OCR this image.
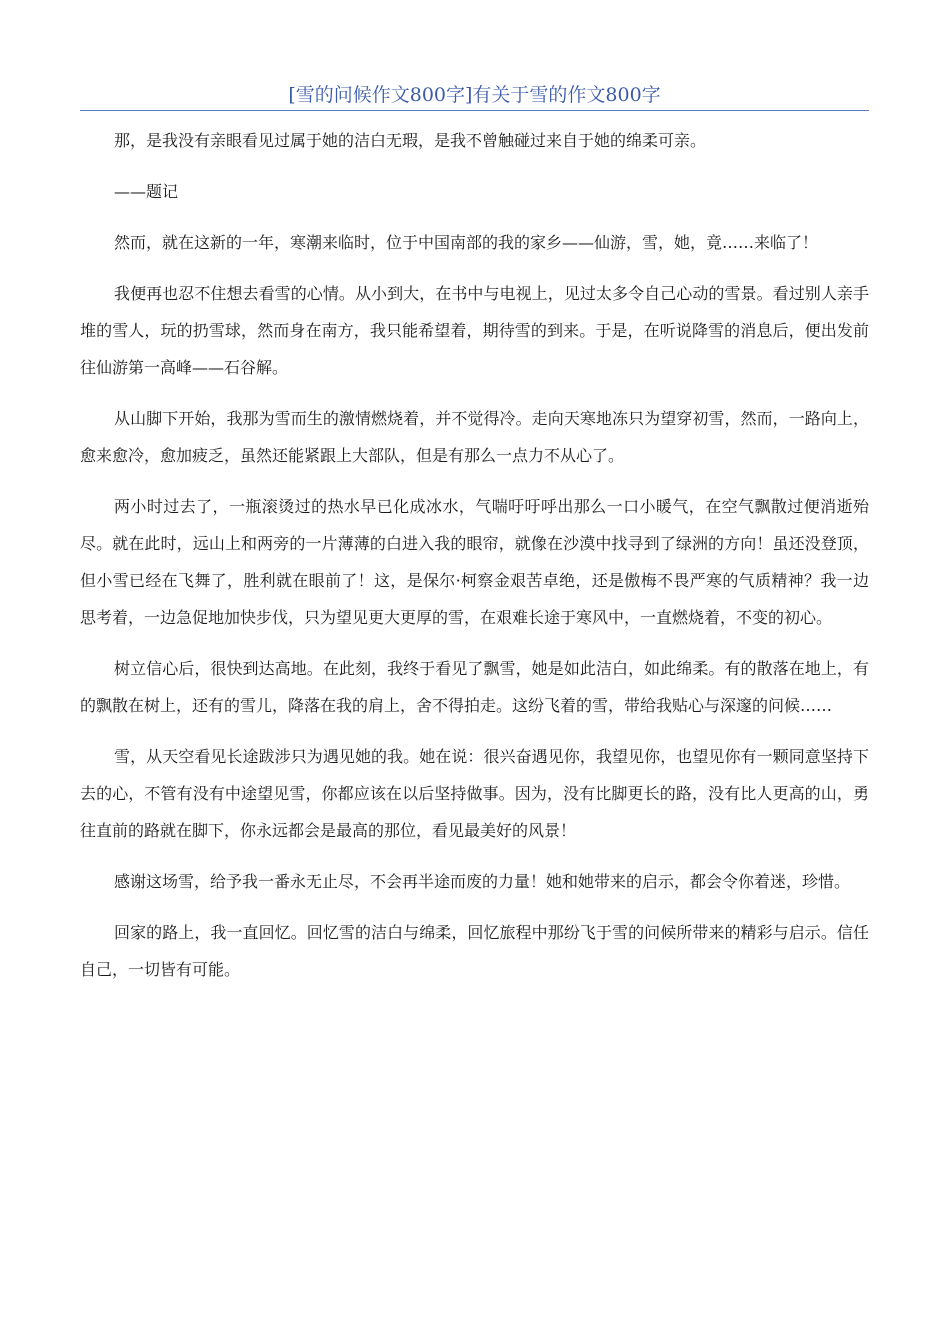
[雪的问候作文800字]有关于雪的作文800字

那，是我没有亲眼看见过属于她的洁白无瑕，是我不曾触碰过来自于她的绵柔可亲。

——题记

然而，就在这新的一年，寒潮来临时，位于中国南部的我的家乡——仙游，雪，她，竟……来临了！

我便再也忍不住想去看雪的心情。从小到大，在书中与电视上，见过太多令自己心动的雪景。看过别人亲手堆的雪人，玩的扔雪球，然而身在南方，我只能希望着，期待雪的到来。于是，在听说降雪的消息后，便出发前往仙游第一高峰——石谷解。

从山脚下开始，我那为雪而生的激情燃烧着，并不觉得冷。走向天寒地冻只为望穿初雪，然而，一路向上，愈来愈冷，愈加疲乏，虽然还能紧跟上大部队，但是有那么一点力不从心了。

两小时过去了，一瓶滚烫过的热水早已化成冰水，气喘吁吁呼出那么一口小暖气，在空气飘散过便消逝殆尽。就在此时，远山上和两旁的一片薄薄的白进入我的眼帘，就像在沙漠中找寻到了绿洲的方向！虽还没登顶，但小雪已经在飞舞了，胜利就在眼前了！这，是保尔·柯察金艰苦卓绝，还是傲梅不畏严寒的气质精神？我一边思考着，一边急促地加快步伐，只为望见更大更厚的雪，在艰难长途于寒风中，一直燃烧着，不变的初心。

树立信心后，很快到达高地。在此刻，我终于看见了飘雪，她是如此洁白，如此绵柔。有的散落在地上，有的飘散在树上，还有的雪儿，降落在我的肩上，舍不得拍走。这纷飞着的雪，带给我贴心与深邃的问候……

雪，从天空看见长途跋涉只为遇见她的我。她在说：很兴奋遇见你，我望见你，也望见你有一颗同意坚持下去的心，不管有没有中途望见雪，你都应该在以后坚持做事。因为，没有比脚更长的路，没有比人更高的山，勇往直前的路就在脚下，你永远都会是最高的那位，看见最美好的风景！

感谢这场雪，给予我一番永无止尽，不会再半途而废的力量！她和她带来的启示，都会令你着迷，珍惜。

回家的路上，我一直回忆。回忆雪的洁白与绵柔，回忆旅程中那纷飞于雪的问候所带来的精彩与启示。信任自己，一切皆有可能。
